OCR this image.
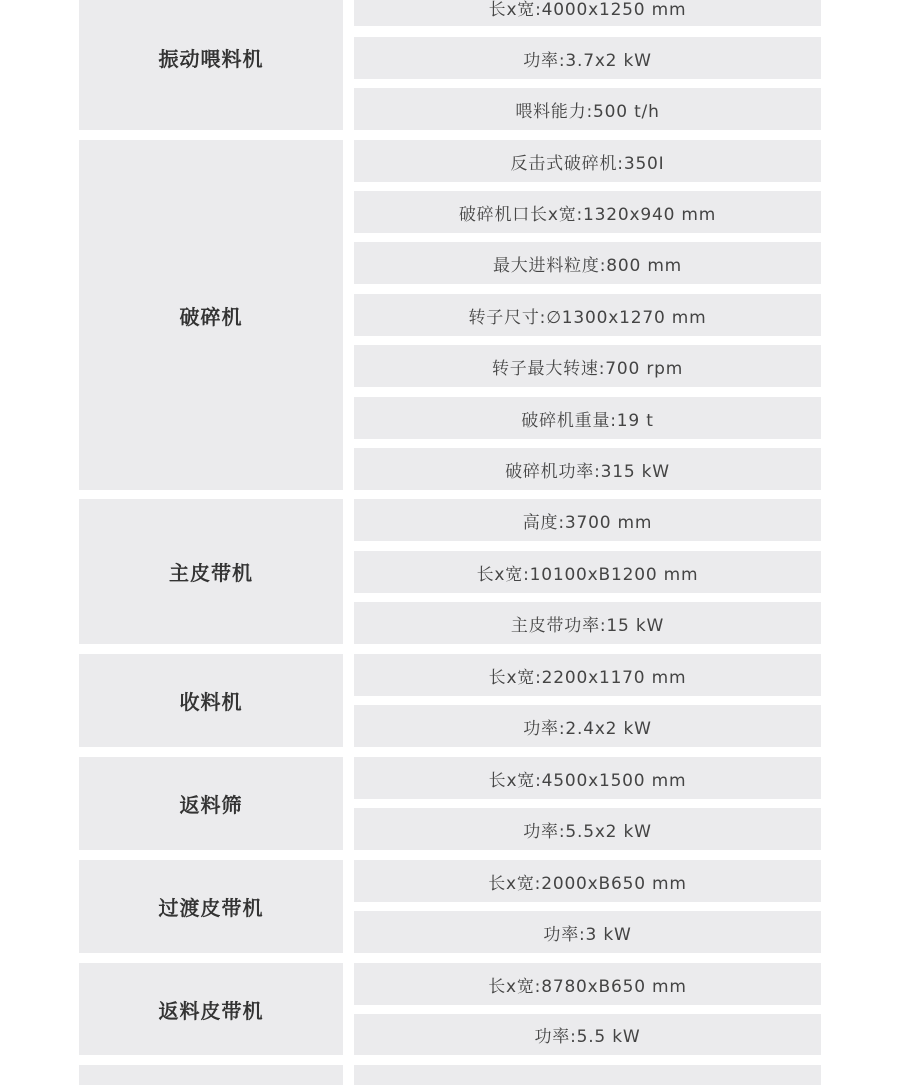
振动喂料机
长x宽:4000x1250 mm
功率:3.7x2 kW
喂料能力:500 t/h
破碎机
反击式破碎机:350I
破碎机口长x宽:1320x940 mm
最大进料粒度:800 mm
转子尺寸:∅1300x1270 mm
转子最大转速:700 rpm
破碎机重量:19 t
破碎机功率:315 kW
主皮带机
高度:3700 mm
长x宽:10100xB1200 mm
主皮带功率:15 kW
收料机
长x宽:2200x1170 mm
功率:2.4x2 kW
返料筛
长x宽:4500x1500 mm
功率:5.5x2 kW
过渡皮带机
长x宽:2000xB650 mm
功率:3 kW
返料皮带机
长x宽:8780xB650 mm
功率:5.5 kW
